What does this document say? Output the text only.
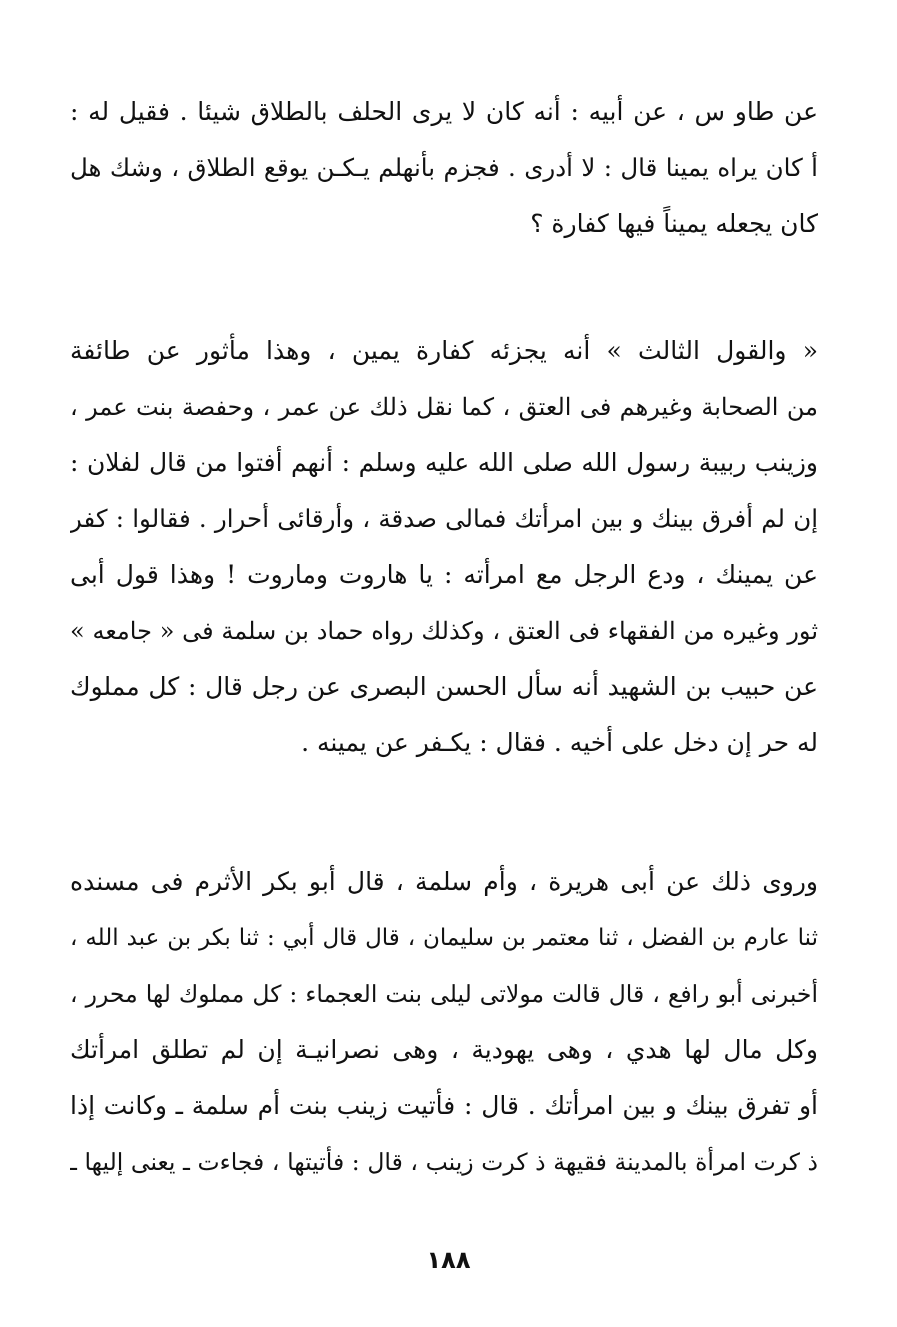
عن طاو س ، عن أبيه : أنه كان لا يرى الحلف بالطلاق شيئا . فقيل له :
أ كان يراه يمينا قال : لا أدرى . فجزم بأنهلم يـكـن يوقع الطلاق ، وشك هل
كان يجعله يميناً فيها كفارة ؟
« والقول الثالث » أنه يجزئه كفارة يمين ، وهذا مأثور عن طائفة
من الصحابة وغيرهم فى العتق ، كما نقل ذلك عن عمر ، وحفصة بنت عمر ،
وزينب ربيبة رسول الله صلى الله عليه وسلم : أنهم أفتوا من قال لفلان :
إن لم أفرق بينك و بين امرأتك فمالى صدقة ، وأرقائى أحرار . فقالوا : كفر
عن يمينك ، ودع الرجل مع امرأته : يا هاروت وماروت ! وهذا قول أبى
ثور وغيره من الفقهاء فى العتق ، وكذلك رواه حماد بن سلمة فى « جامعه »
عن حبيب بن الشهيد أنه سأل الحسن البصرى عن رجل قال : كل مملوك
له حر إن دخل على أخيه . فقال : يكـفر عن يمينه .
وروى ذلك عن أبى هريرة ، وأم سلمة ، قال أبو بكر الأثرم فى مسنده
ثنا عارم بن الفضل ، ثنا معتمر بن سليمان ، قال قال أبي : ثنا بكر بن عبد الله ،
أخبرنى أبو رافع ، قال قالت مولاتى ليلى بنت العجماء : كل مملوك لها محرر ،
وكل مال لها هدي ، وهى يهودية ، وهى نصرانيـة إن لم تطلق امرأتك
أو تفرق بينك و بين امرأتك . قال : فأتيت زينب بنت أم سلمة ـ وكانت إذا
ذ كرت امرأة بالمدينة فقيهة ذ كرت زينب ، قال : فأتيتها ، فجاءت ـ يعنى إليها ـ
١٨٨
